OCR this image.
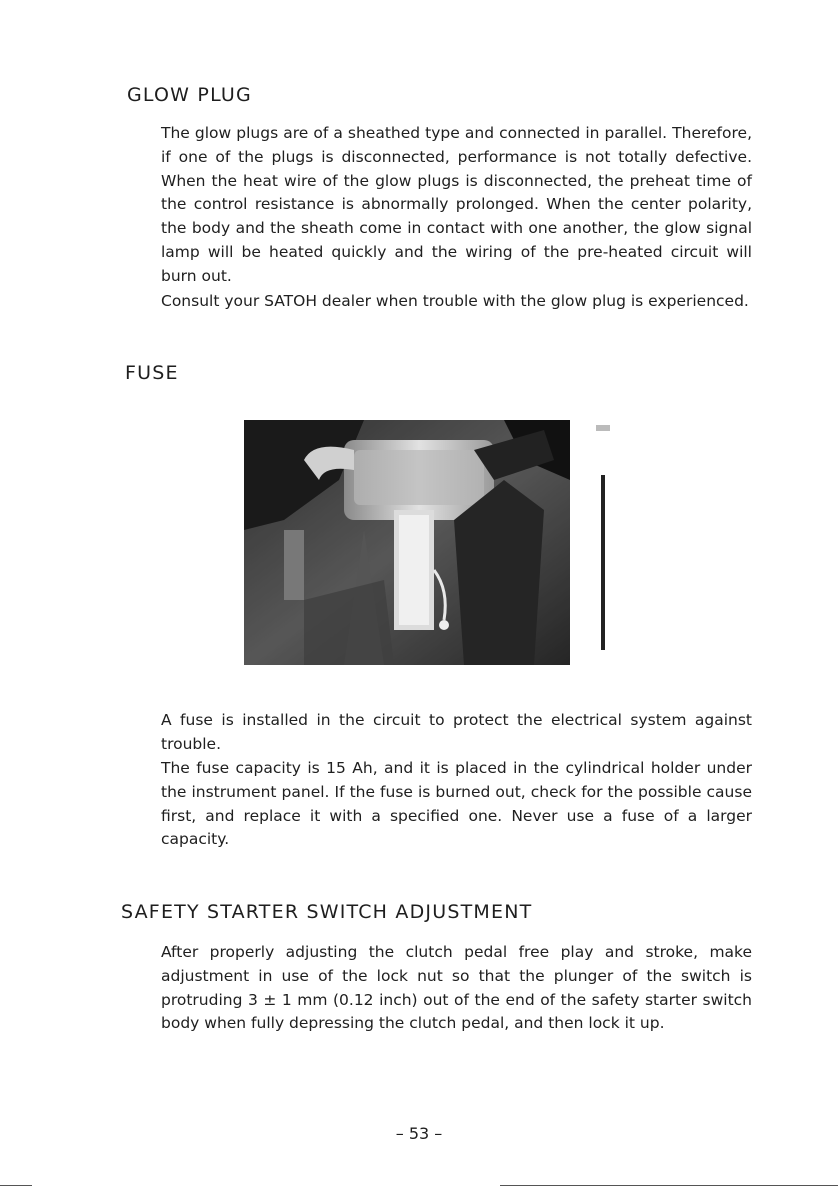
GLOW PLUG

The glow plugs are of a sheathed type and connected in parallel. Therefore, if one of the plugs is disconnected, performance is not totally defective. When the heat wire of the glow plugs is disconnected, the preheat time of the control resistance is abnormally prolonged. When the center polarity, the body and the sheath come in contact with one another, the glow signal lamp will be heated quickly and the wiring of the pre-heated circuit will burn out.

Consult your SATOH dealer when trouble with the glow plug is experienced.

FUSE

A fuse is installed in the circuit to protect the electrical system against trouble.

The fuse capacity is 15 Ah, and it is placed in the cylindrical holder under the instrument panel. If the fuse is burned out, check for the possible cause first, and replace it with a specified one. Never use a fuse of a larger capacity.

SAFETY STARTER SWITCH ADJUSTMENT

After properly adjusting the clutch pedal free play and stroke, make adjustment in use of the lock nut so that the plunger of the switch is protruding 3 ± 1 mm (0.12 inch) out of the end of the safety starter switch body when fully depressing the clutch pedal, and then lock it up.

– 53 –
